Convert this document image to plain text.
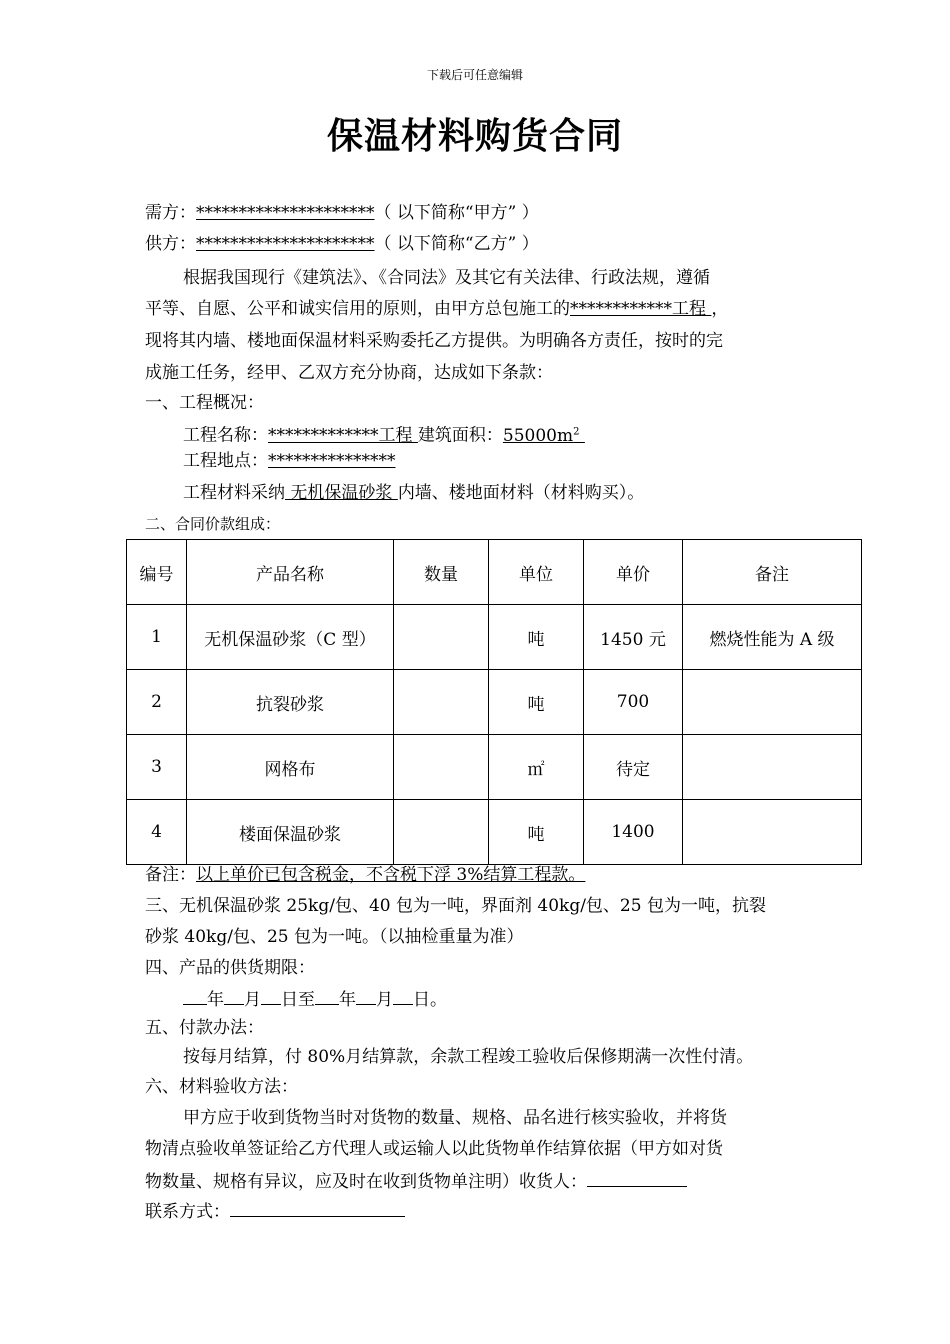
下载后可任意编辑
保温材料购货合同
需方：*********************（ 以下简称“甲方” ）
供方：*********************（ 以下简称“乙方” ）
根据我国现行《建筑法》、《合同法》及其它有关法律、行政法规，遵循
平等、自愿、公平和诚实信用的原则，由甲方总包施工的************工程 ，
现将其内墙、楼地面保温材料采购委托乙方提供。为明确各方责任，按时的完
成施工任务，经甲、乙双方充分协商，达成如下条款：
一、工程概况：
工程名称：*************工程 建筑面积：$55000m^2$
工程地点：***************
工程材料采纳 无机保温砂浆 内墙、楼地面材料（材料购买）。
二、合同价款组成：
编号	产品名称	数量	单位	单价	备注
1	无机保温砂浆（C 型）		吨	1450 元	燃烧性能为 A 级
2	抗裂砂浆		吨	700	
3	网格布		㎡	待定	
4	楼面保温砂浆		吨	1400	
备注：以上单价已包含税金，不含税下浮 3%结算工程款。
三、无机保温砂浆 25kg/包、40 包为一吨，界面剂 40kg/包、25 包为一吨，抗裂
砂浆 40kg/包、25 包为一吨。（以抽检重量为准）
四、产品的供货期限：
年 月 日至 年 月 日。
五、付款办法：
按每月结算，付 80%月结算款，余款工程竣工验收后保修期满一次性付清。
六、材料验收方法：
甲方应于收到货物当时对货物的数量、规格、品名进行核实验收，并将货
物清点验收单签证给乙方代理人或运输人以此货物单作结算依据（甲方如对货
物数量、规格有异议，应及时在收到货物单注明）收货人：
联系方式：
